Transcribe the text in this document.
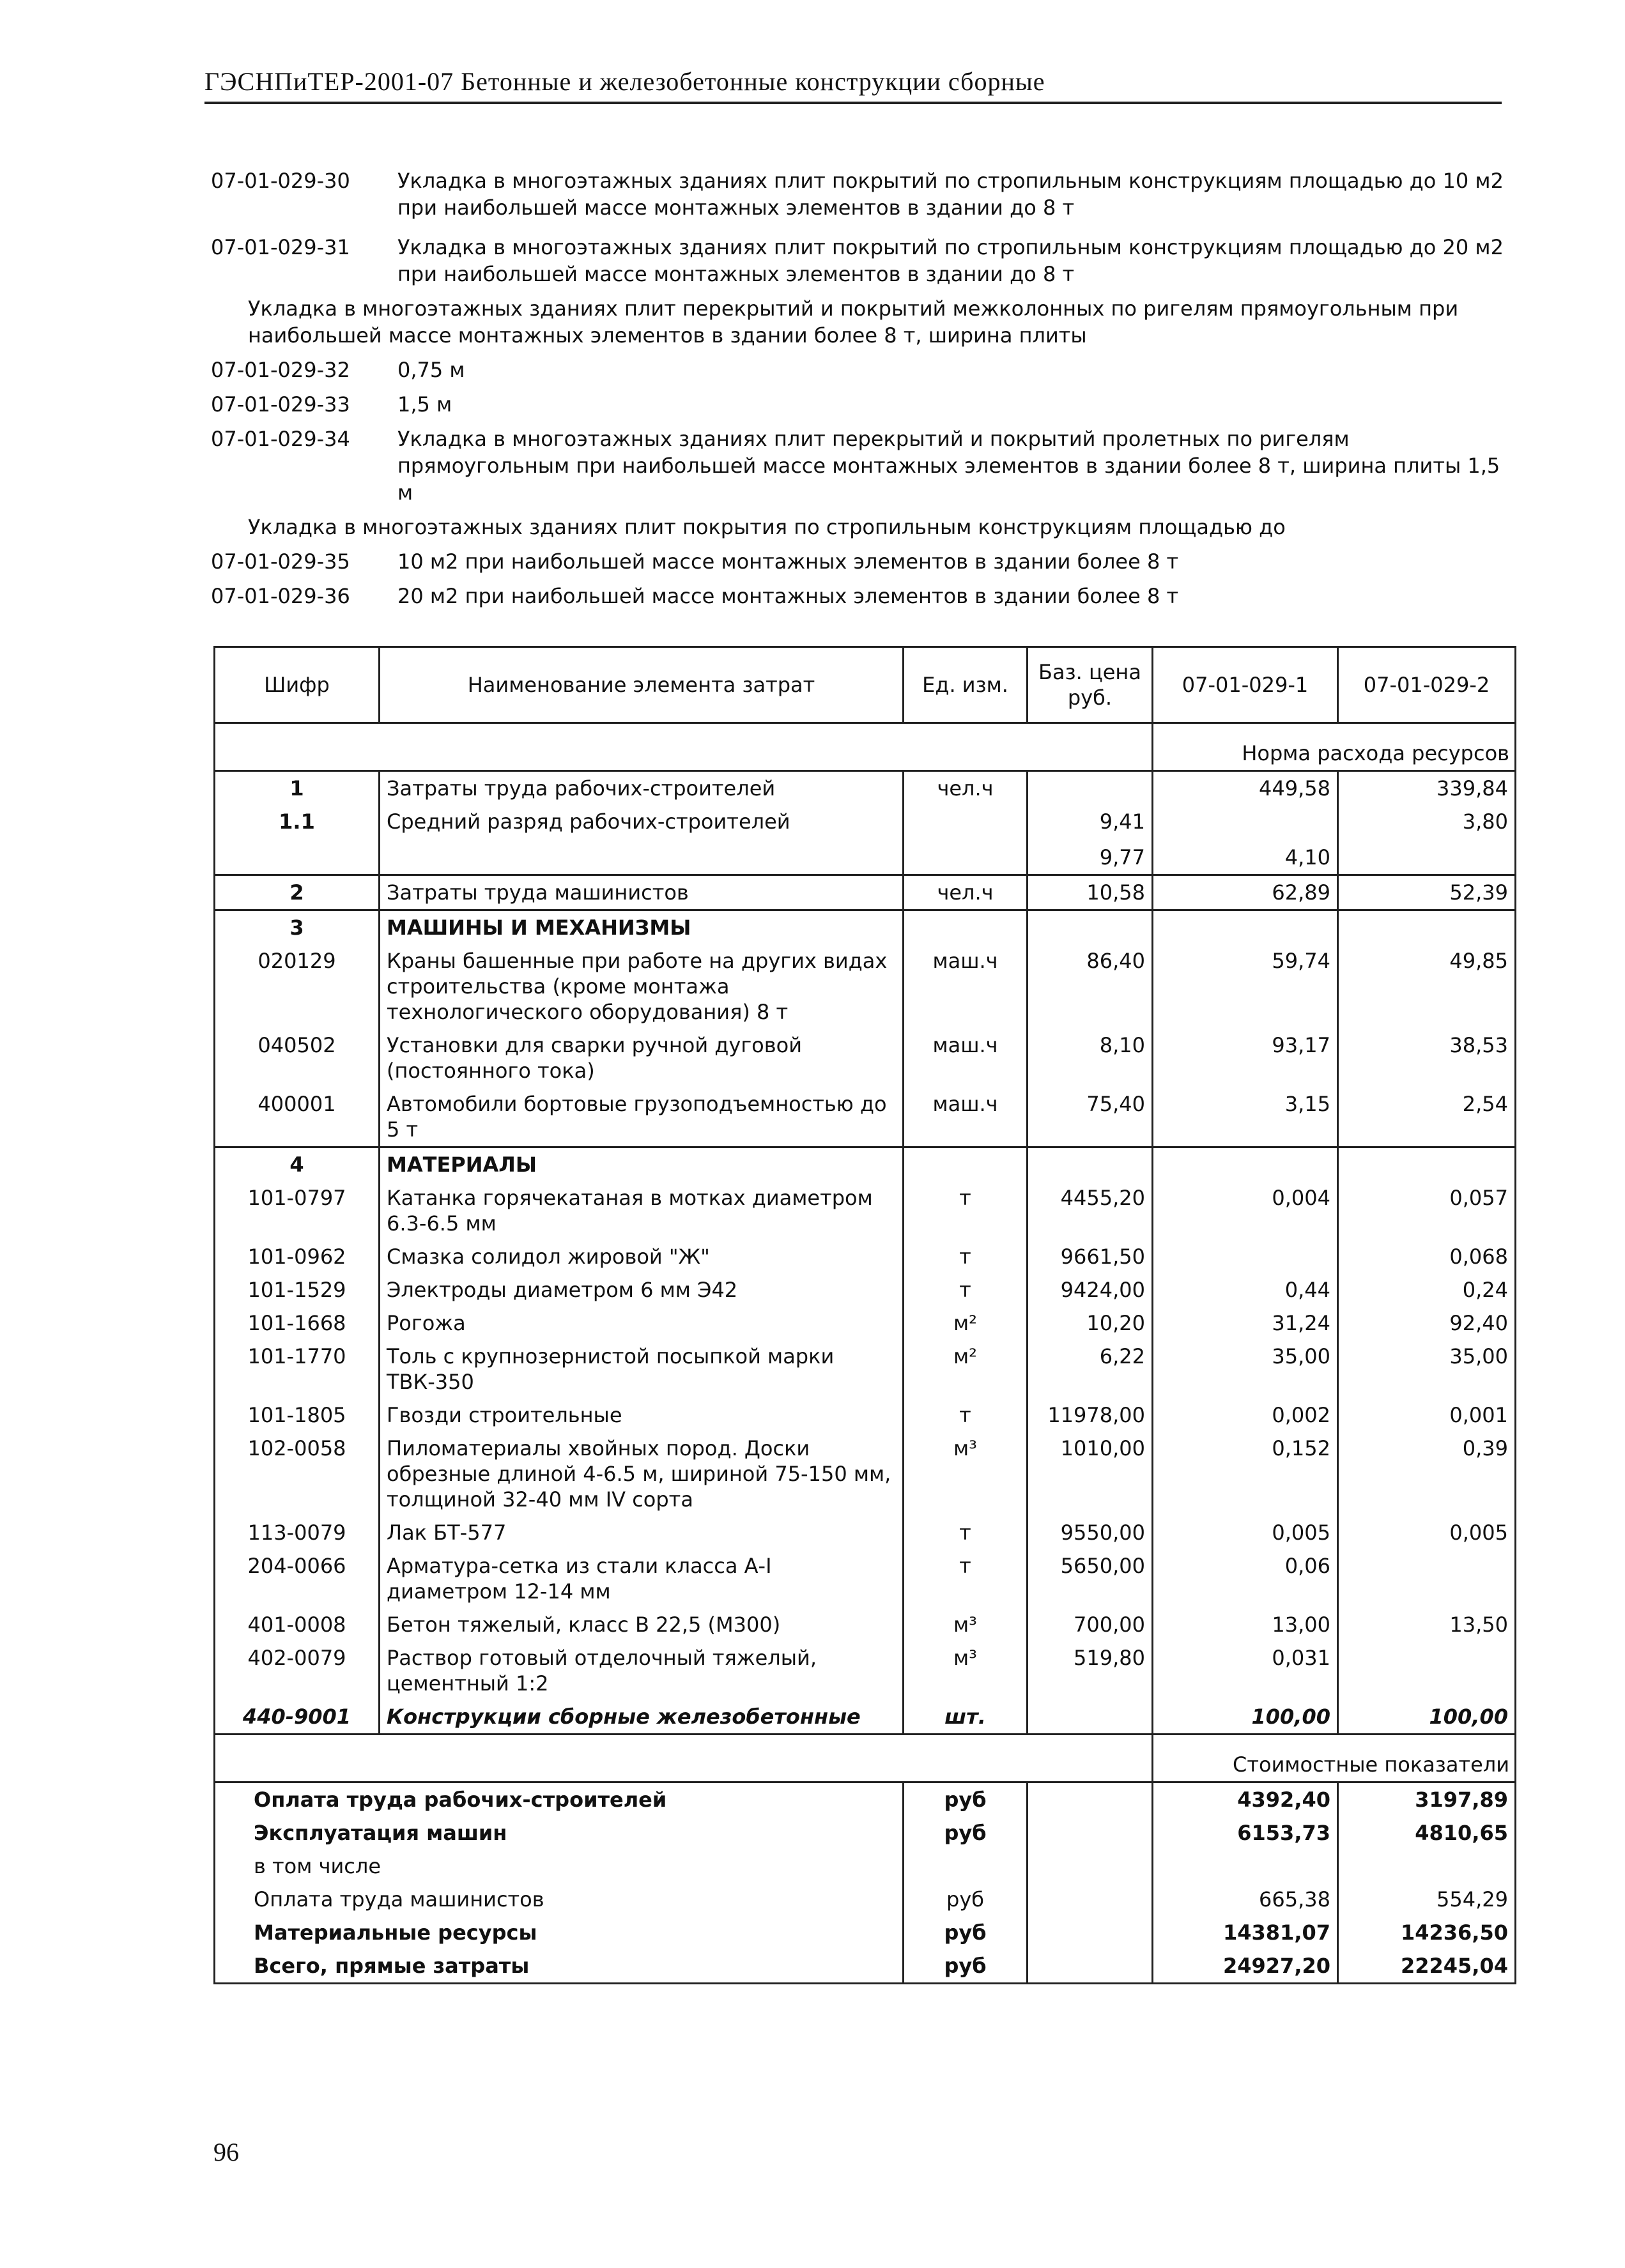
ГЭСНПиТЕР-2001-07 Бетонные и железобетонные конструкции сборные
07-01-029-30 Укладка в многоэтажных зданиях плит покрытий по стропильным конструкциям площадью до 10 м2 при наибольшей массе монтажных элементов в здании до 8 т
07-01-029-31 Укладка в многоэтажных зданиях плит покрытий по стропильным конструкциям площадью до 20 м2 при наибольшей массе монтажных элементов в здании до 8 т
Укладка в многоэтажных зданиях плит перекрытий и покрытий межколонных по ригелям прямоугольным при наибольшей массе монтажных элементов в здании более 8 т, ширина плиты
07-01-029-32 0,75 м
07-01-029-33 1,5 м
07-01-029-34 Укладка в многоэтажных зданиях плит перекрытий и покрытий пролетных по ригелям прямоугольным при наибольшей массе монтажных элементов в здании более 8 т, ширина плиты 1,5 м
Укладка в многоэтажных зданиях плит покрытия по стропильным конструкциям площадью до
07-01-029-35 10 м2 при наибольшей массе монтажных элементов в здании более 8 т
07-01-029-36 20 м2 при наибольшей массе монтажных элементов в здании более 8 т
Шифр	Наименование элемента затрат	Ед. изм.	Баз. цена руб.	07-01-029-1	07-01-029-2
				Норма расхода ресурсов	
1	Затраты труда рабочих-строителей	чел.ч		449,58	339,84
1.1	Средний разряд рабочих-строителей		9,41		3,80
			9,77	4,10	
2	Затраты труда машинистов	чел.ч	10,58	62,89	52,39
3	МАШИНЫ И МЕХАНИЗМЫ				
020129	Краны башенные при работе на других видах строительства (кроме монтажа технологического оборудования) 8 т	маш.ч	86,40	59,74	49,85
040502	Установки для сварки ручной дуговой (постоянного тока)	маш.ч	8,10	93,17	38,53
400001	Автомобили бортовые грузоподъемностью до 5 т	маш.ч	75,40	3,15	2,54
4	МАТЕРИАЛЫ				
101-0797	Катанка горячекатаная в мотках диаметром 6.3-6.5 мм	т	4455,20	0,004	0,057
101-0962	Смазка солидол жировой "Ж"	т	9661,50		0,068
101-1529	Электроды диаметром 6 мм Э42	т	9424,00	0,44	0,24
101-1668	Рогожа	м²	10,20	31,24	92,40
101-1770	Толь с крупнозернистой посыпкой марки ТВК-350	м²	6,22	35,00	35,00
101-1805	Гвозди строительные	т	11978,00	0,002	0,001
102-0058	Пиломатериалы хвойных пород. Доски обрезные длиной 4-6.5 м, шириной 75-150 мм, толщиной 32-40 мм IV сорта	м³	1010,00	0,152	0,39
113-0079	Лак БТ-577	т	9550,00	0,005	0,005
204-0066	Арматура-сетка из стали класса А-I диаметром 12-14 мм	т	5650,00	0,06	
401-0008	Бетон тяжелый, класс В 22,5 (М300)	м³	700,00	13,00	13,50
402-0079	Раствор готовый отделочный тяжелый, цементный 1:2	м³	519,80	0,031	
440-9001	Конструкции сборные железобетонные	шт.		100,00	100,00
				Стоимостные показатели	
Оплата труда рабочих-строителей		руб		4392,40	3197,89
Эксплуатация машин		руб		6153,73	4810,65
в том числе					
Оплата труда машинистов		руб		665,38	554,29
Материальные ресурсы		руб		14381,07	14236,50
Всего, прямые затраты		руб		24927,20	22245,04
96
